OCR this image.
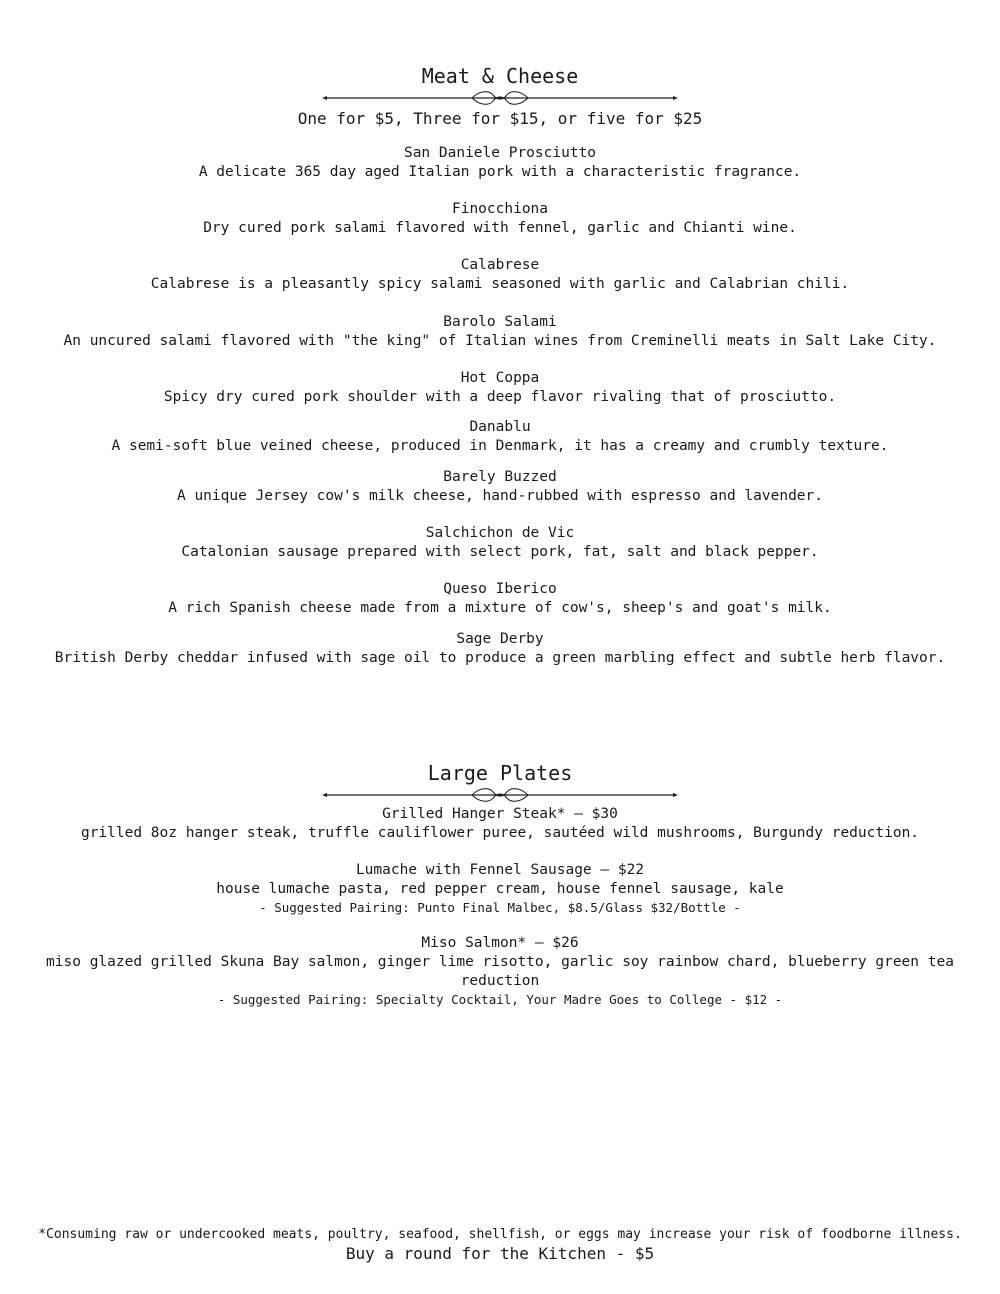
Meat & Cheese
One for $5, Three for $15, or five for $25
San Daniele Prosciutto
A delicate 365 day aged Italian pork with a characteristic fragrance.
Finocchiona
Dry cured pork salami flavored with fennel, garlic and Chianti wine.
Calabrese
Calabrese is a pleasantly spicy salami seasoned with garlic and Calabrian chili.
Barolo Salami
An uncured salami flavored with "the king" of Italian wines from Creminelli meats in Salt Lake City.
Hot Coppa
Spicy dry cured pork shoulder with a deep flavor rivaling that of prosciutto.
Danablu
A semi-soft blue veined cheese, produced in Denmark, it has a creamy and crumbly texture.
Barely Buzzed
A unique Jersey cow's milk cheese, hand-rubbed with espresso and lavender.
Salchichon de Vic
Catalonian sausage prepared with select pork, fat, salt and black pepper.
Queso Iberico
A rich Spanish cheese made from a mixture of cow's, sheep's and goat's milk.
Sage Derby
British Derby cheddar infused with sage oil to produce a green marbling effect and subtle herb flavor.
Large Plates
Grilled Hanger Steak* — $30
grilled 8oz hanger steak, truffle cauliflower puree, sautéed wild mushrooms, Burgundy reduction.
Lumache with Fennel Sausage — $22
house lumache pasta, red pepper cream, house fennel sausage, kale
- Suggested Pairing: Punto Final Malbec, $8.5/Glass $32/Bottle -
Miso Salmon* — $26
miso glazed grilled Skuna Bay salmon, ginger lime risotto, garlic soy rainbow chard, blueberry green tea reduction
- Suggested Pairing: Specialty Cocktail, Your Madre Goes to College - $12 -
*Consuming raw or undercooked meats, poultry, seafood, shellfish, or eggs may increase your risk of foodborne illness.
Buy a round for the Kitchen - $5
